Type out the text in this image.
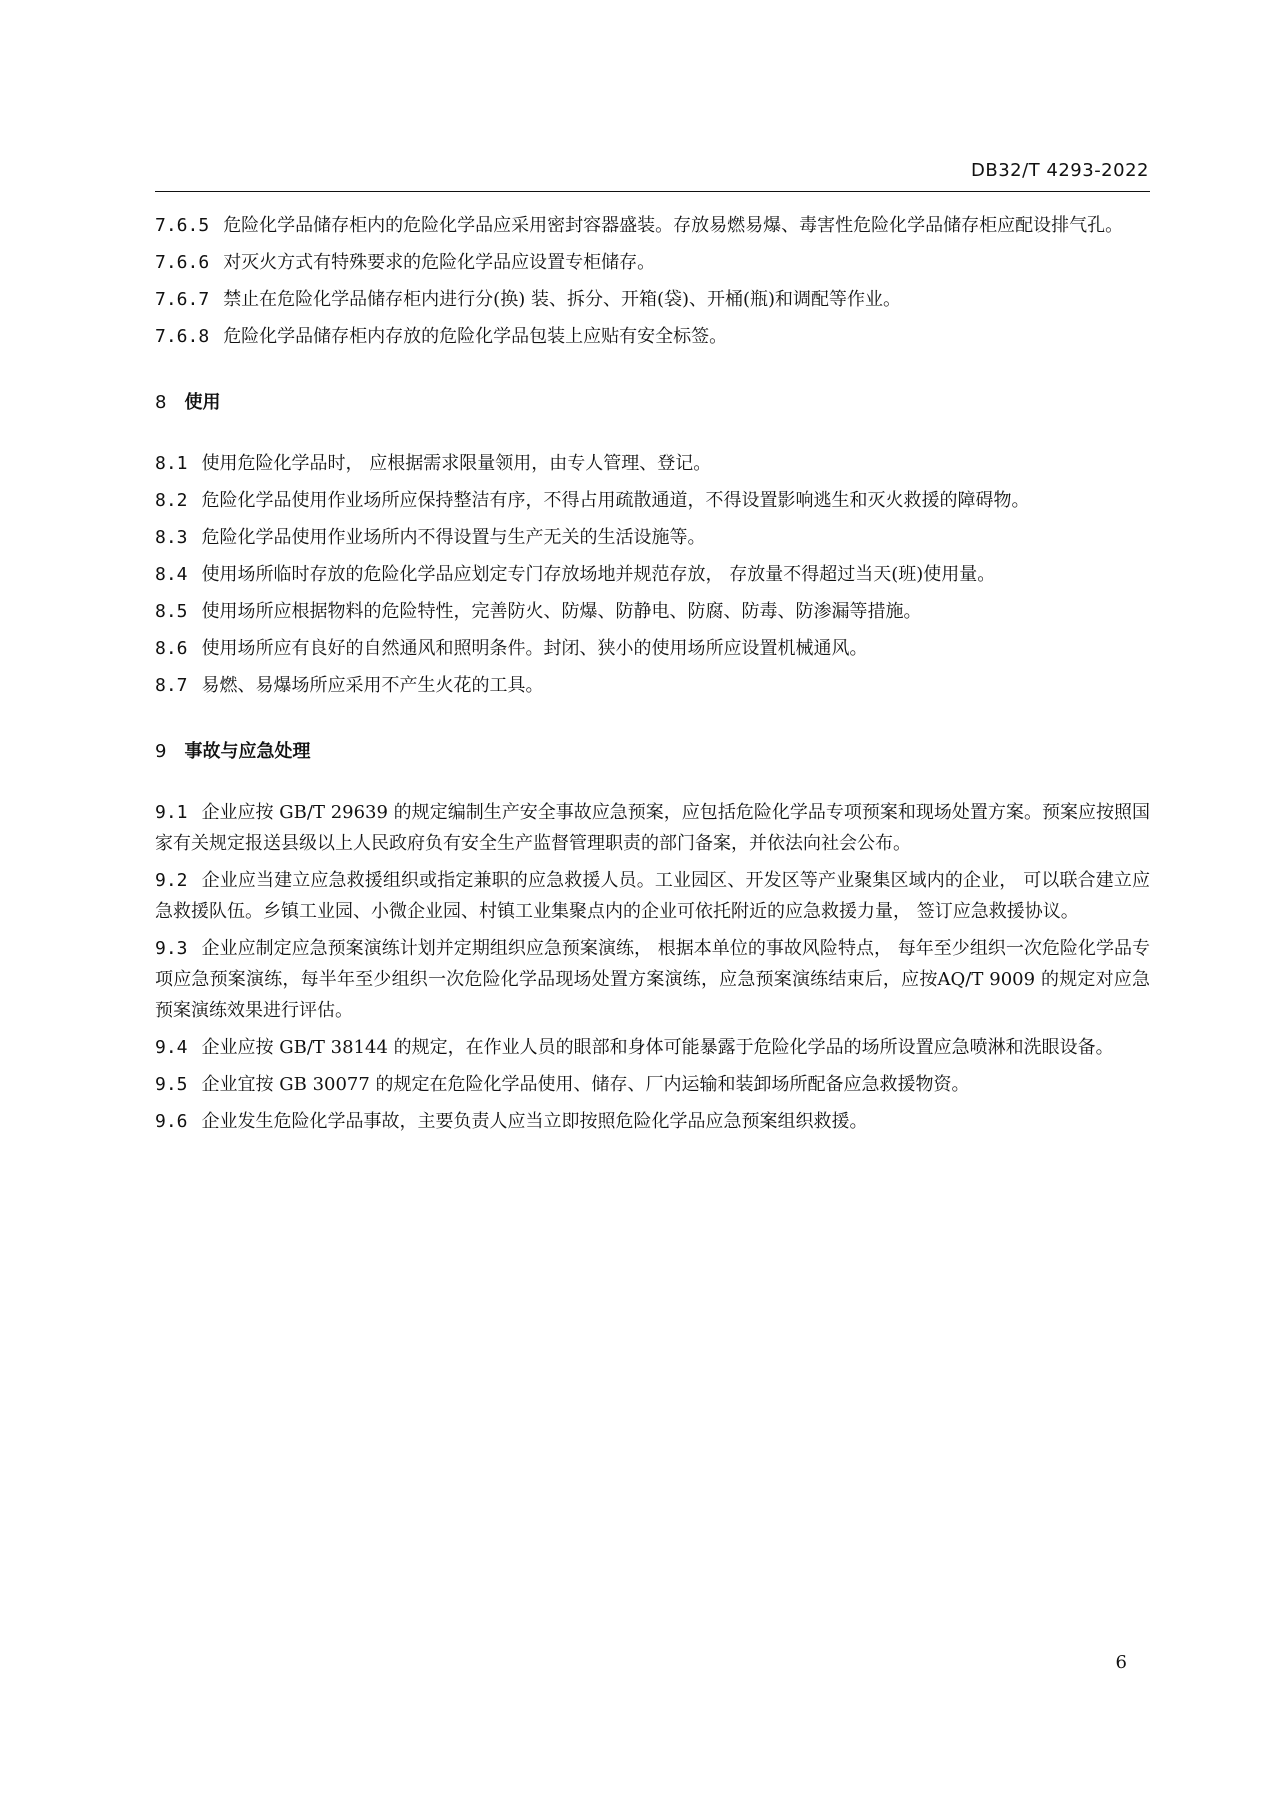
DB32/T 4293-2022

7.6.5 危险化学品储存柜内的危险化学品应采用密封容器盛装。存放易燃易爆、毒害性危险化学品储存柜应配设排气孔。

7.6.6 对灭火方式有特殊要求的危险化学品应设置专柜储存。

7.6.7 禁止在危险化学品储存柜内进行分(换) 装、拆分、开箱(袋)、开桶(瓶)和调配等作业。

7.6.8 危险化学品储存柜内存放的危险化学品包装上应贴有安全标签。

8 使用

8.1 使用危险化学品时， 应根据需求限量领用，由专人管理、登记。

8.2 危险化学品使用作业场所应保持整洁有序，不得占用疏散通道，不得设置影响逃生和灭火救援的障碍物。

8.3 危险化学品使用作业场所内不得设置与生产无关的生活设施等。

8.4 使用场所临时存放的危险化学品应划定专门存放场地并规范存放， 存放量不得超过当天(班)使用量。

8.5 使用场所应根据物料的危险特性，完善防火、防爆、防静电、防腐、防毒、防渗漏等措施。

8.6 使用场所应有良好的自然通风和照明条件。封闭、狭小的使用场所应设置机械通风。

8.7 易燃、易爆场所应采用不产生火花的工具。

9 事故与应急处理

9.1 企业应按 GB/T 29639 的规定编制生产安全事故应急预案，应包括危险化学品专项预案和现场处置方案。预案应按照国家有关规定报送县级以上人民政府负有安全生产监督管理职责的部门备案，并依法向社会公布。

9.2 企业应当建立应急救援组织或指定兼职的应急救援人员。工业园区、开发区等产业聚集区域内的企业， 可以联合建立应急救援队伍。乡镇工业园、小微企业园、村镇工业集聚点内的企业可依托附近的应急救援力量， 签订应急救援协议。

9.3 企业应制定应急预案演练计划并定期组织应急预案演练， 根据本单位的事故风险特点， 每年至少组织一次危险化学品专项应急预案演练，每半年至少组织一次危险化学品现场处置方案演练，应急预案演练结束后，应按AQ/T 9009 的规定对应急预案演练效果进行评估。

9.4 企业应按 GB/T 38144 的规定，在作业人员的眼部和身体可能暴露于危险化学品的场所设置应急喷淋和洗眼设备。

9.5 企业宜按 GB 30077 的规定在危险化学品使用、储存、厂内运输和装卸场所配备应急救援物资。

9.6 企业发生危险化学品事故，主要负责人应当立即按照危险化学品应急预案组织救援。

6
